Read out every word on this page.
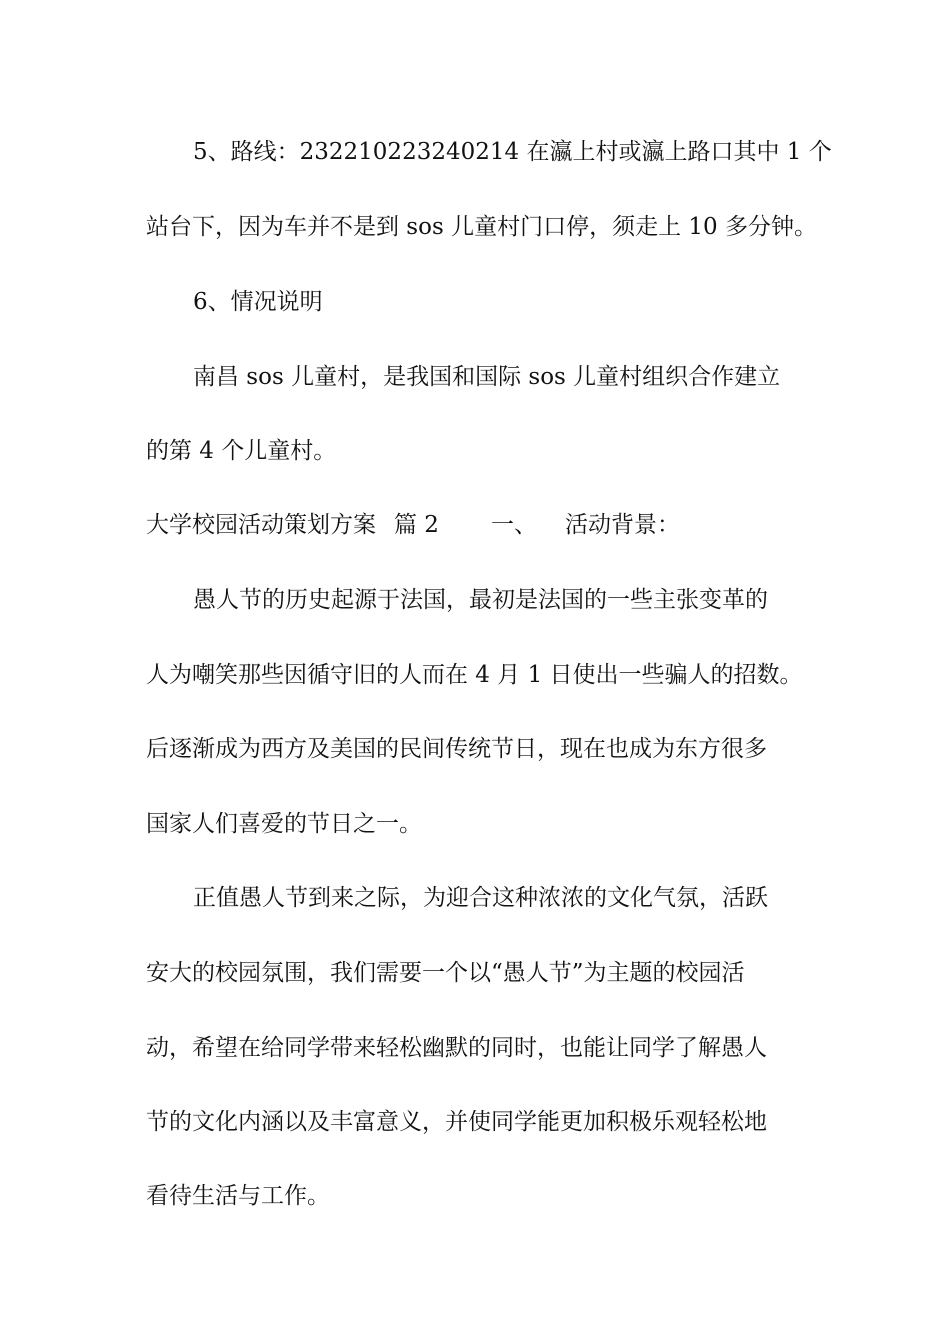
5、路线：232210223240214 在瀛上村或瀛上路口其中 1 个
站台下，因为车并不是到 sos 儿童村门口停，须走上 10 多分钟。
6、情况说明
南昌 sos 儿童村，是我国和国际 sos 儿童村组织合作建立
的第 4 个儿童村。
大学校园活动策划方案 篇 2 一、 活动背景：
愚人节的历史起源于法国，最初是法国的一些主张变革的
人为嘲笑那些因循守旧的人而在 4 月 1 日使出一些骗人的招数。
后逐渐成为西方及美国的民间传统节日，现在也成为东方很多
国家人们喜爱的节日之一。
正值愚人节到来之际，为迎合这种浓浓的文化气氛，活跃
安大的校园氛围，我们需要一个以“愚人节”为主题的校园活
动，希望在给同学带来轻松幽默的同时，也能让同学了解愚人
节的文化内涵以及丰富意义，并使同学能更加积极乐观轻松地
看待生活与工作。
